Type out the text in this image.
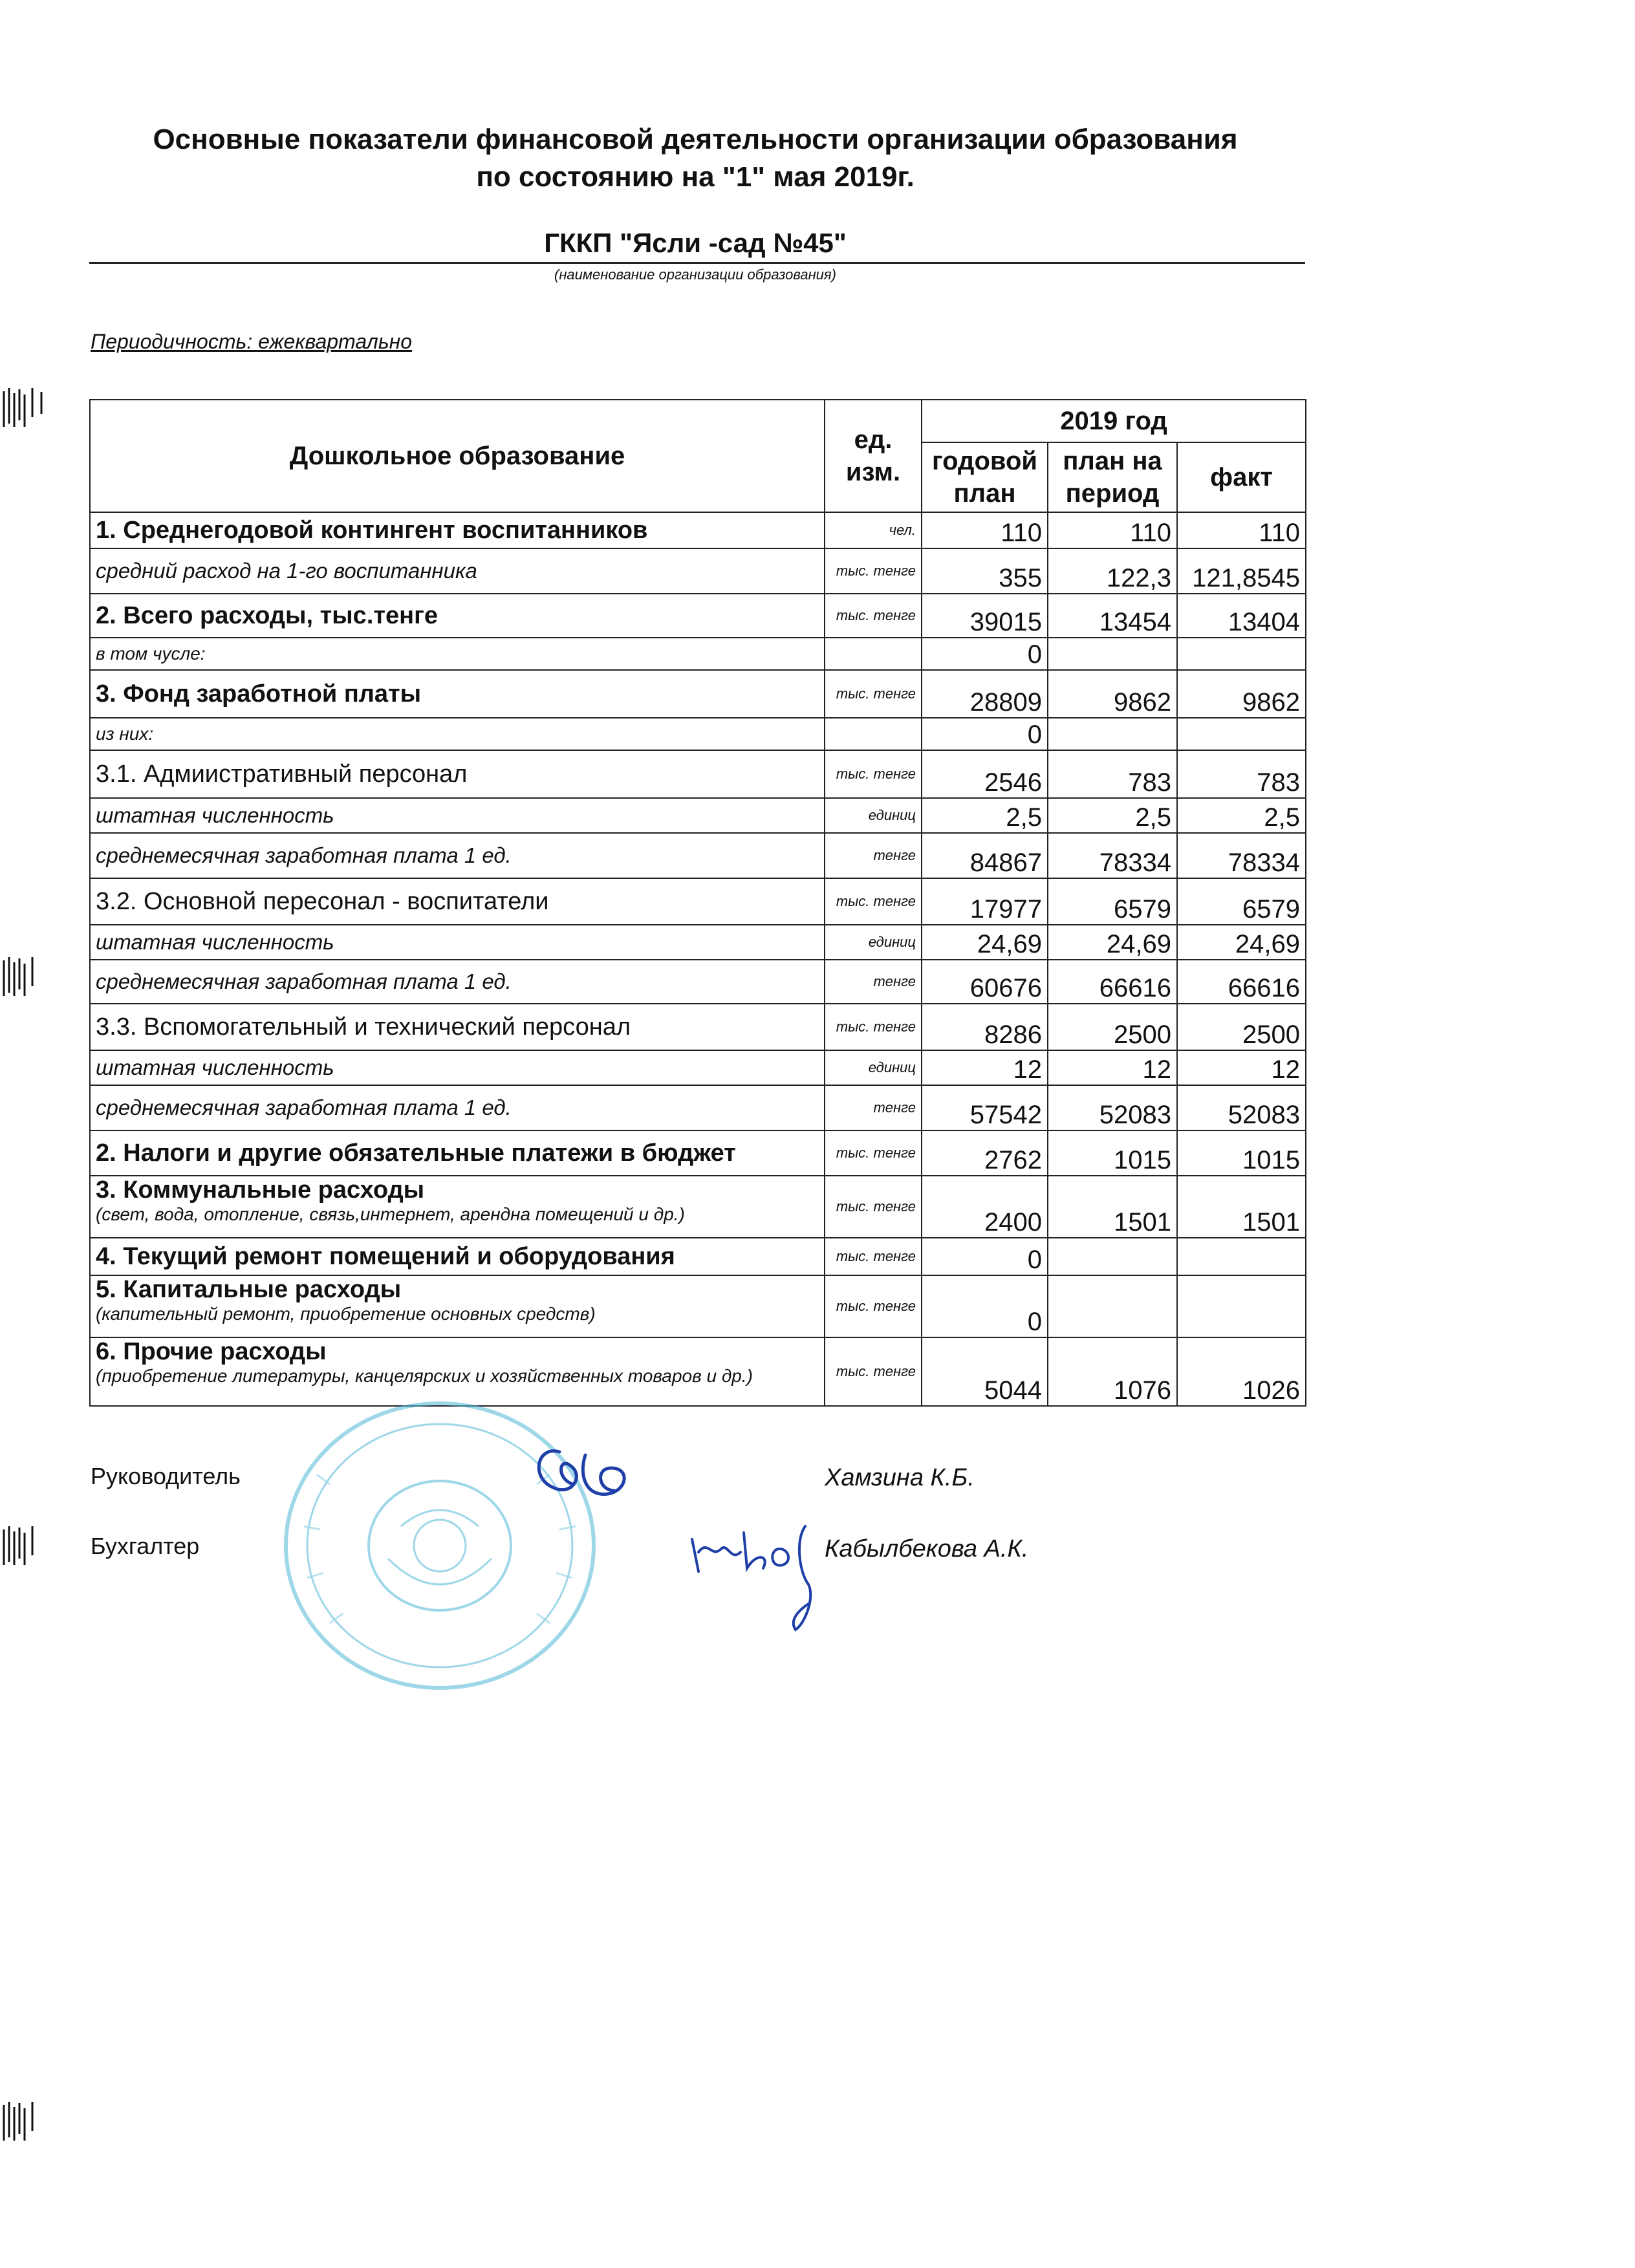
Основные показатели финансовой деятельности организации образования
по состоянию на "1" мая 2019г.
ГККП "Ясли -сад №45"
(наименование организации образования)
Периодичность: ежеквартально
Дошкольное образование	ед. изм.	2019 год		
		годовой план	план на период	факт
1. Среднегодовой контингент воспитанников	чел.	110	110	110
средний расход на 1-го воспитанника	тыс. тенге	355	122,3	121,8545
2. Всего расходы, тыс.тенге	тыс. тенге	39015	13454	13404
в том чусле:		0		
3. Фонд заработной платы	тыс. тенге	28809	9862	9862
из них:		0		
3.1. Адмиистративный персонал	тыс. тенге	2546	783	783
штатная численность	единиц	2,5	2,5	2,5
среднемесячная заработная плата 1 ед.	тенге	84867	78334	78334
3.2. Основной пересонал - воспитатели	тыс. тенге	17977	6579	6579
штатная численность	единиц	24,69	24,69	24,69
среднемесячная заработная плата 1 ед.	тенге	60676	66616	66616
3.3. Вспомогательный и технический персонал	тыс. тенге	8286	2500	2500
штатная численность	единиц	12	12	12
среднемесячная заработная плата 1 ед.	тенге	57542	52083	52083
2. Налоги и другие обязательные платежи в бюджет	тыс. тенге	2762	1015	1015
3. Коммунальные расходы
(свет, вода, отопление, связь,интернет, арендна помещений и др.)	тыс. тенге	2400	1501	1501
4. Текущий ремонт помещений и оборудования	тыс. тенге	0		
5. Капитальные расходы
(капительный ремонт, приобретение основных средств)	тыс. тенге	0		
6. Прочие расходы
(приобретение литературы, канцелярских и хозяйственных товаров и др.)	тыс. тенге	5044	1076	1026
Руководитель	Хамзина К.Б.
Бухгалтер	Кабылбекова А.К.
